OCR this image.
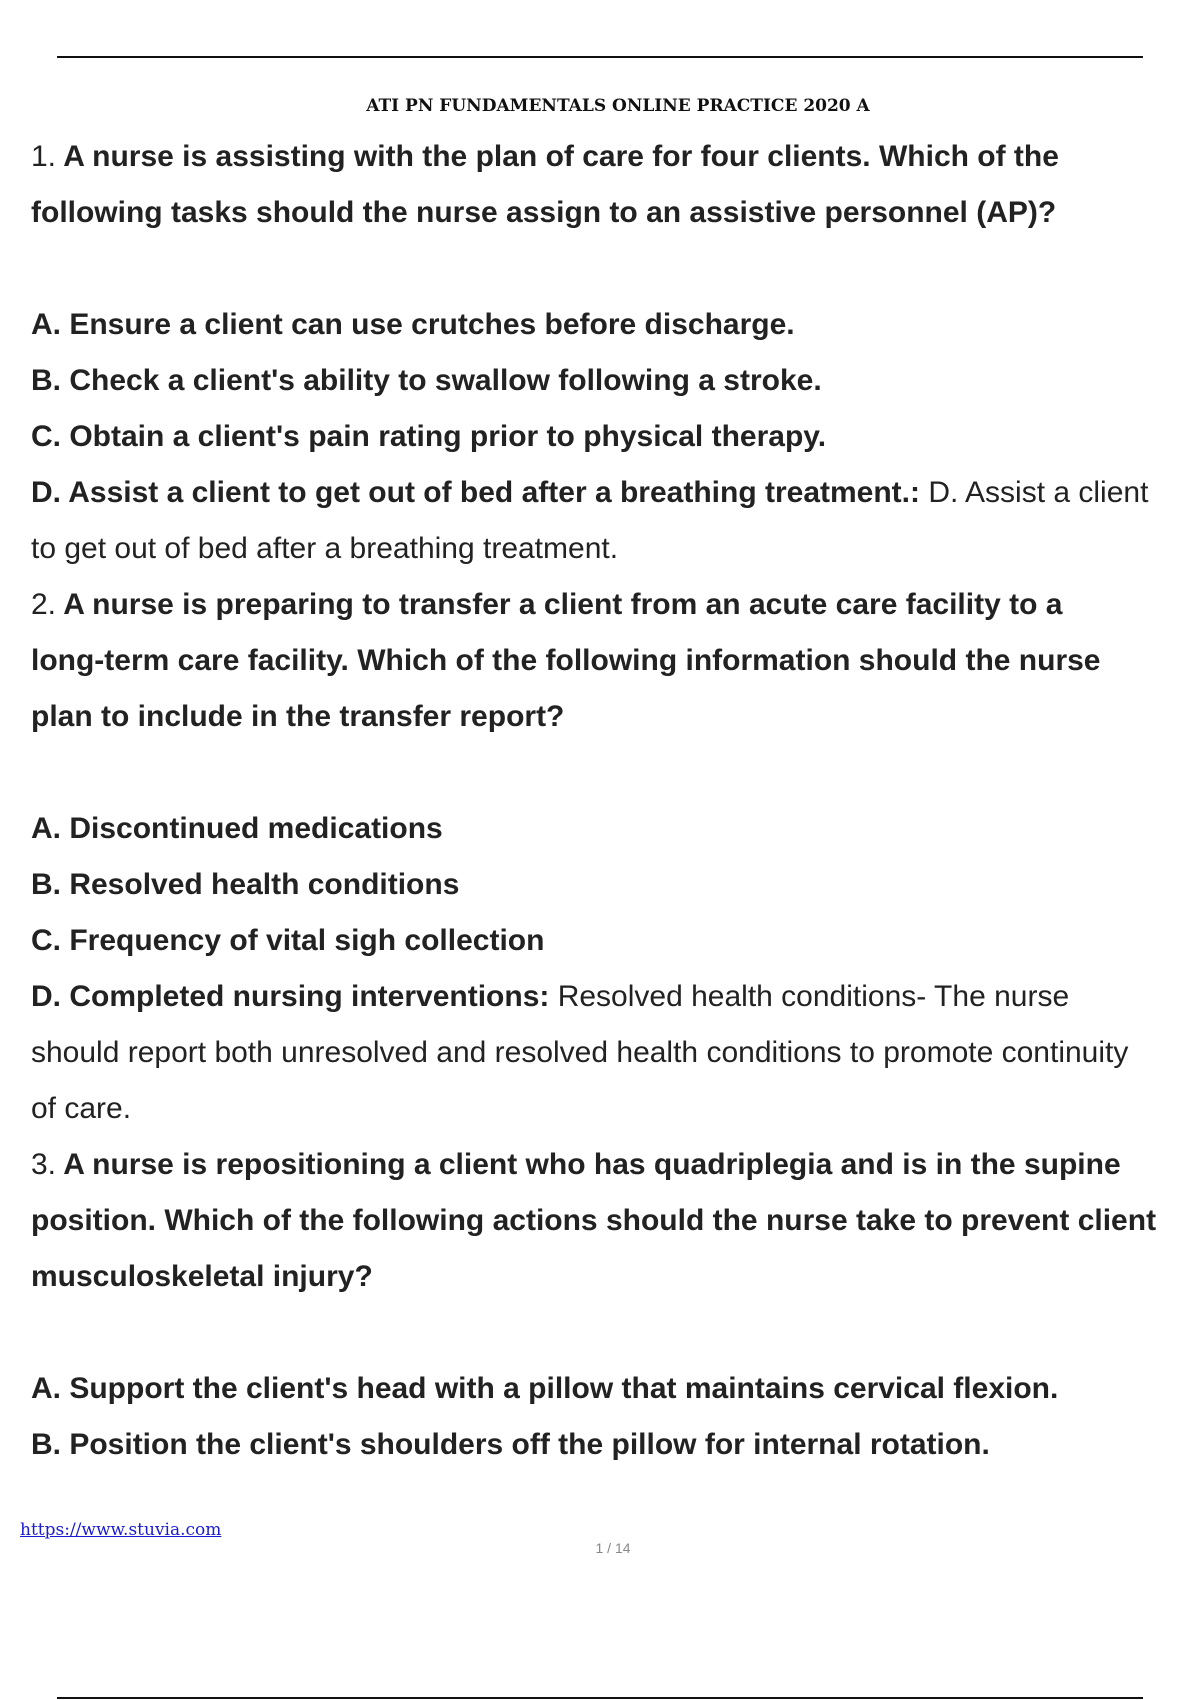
ATI PN FUNDAMENTALS ONLINE PRACTICE 2020 A
1. A nurse is assisting with the plan of care for four clients. Which of the
following tasks should the nurse assign to an assistive personnel (AP)?
A. Ensure a client can use crutches before discharge.
B. Check a client's ability to swallow following a stroke.
C. Obtain a client's pain rating prior to physical therapy.
D. Assist a client to get out of bed after a breathing treatment.: D. Assist a client
to get out of bed after a breathing treatment.
2. A nurse is preparing to transfer a client from an acute care facility to a
long-term care facility. Which of the following information should the nurse
plan to include in the transfer report?
A. Discontinued medications
B. Resolved health conditions
C. Frequency of vital sigh collection
D. Completed nursing interventions: Resolved health conditions- The nurse
should report both unresolved and resolved health conditions to promote continuity
of care.
3. A nurse is repositioning a client who has quadriplegia and is in the supine
position. Which of the following actions should the nurse take to prevent client
musculoskeletal injury?
A. Support the client's head with a pillow that maintains cervical flexion.
B. Position the client's shoulders off the pillow for internal rotation.
https://www.stuvia.com
1 / 14
